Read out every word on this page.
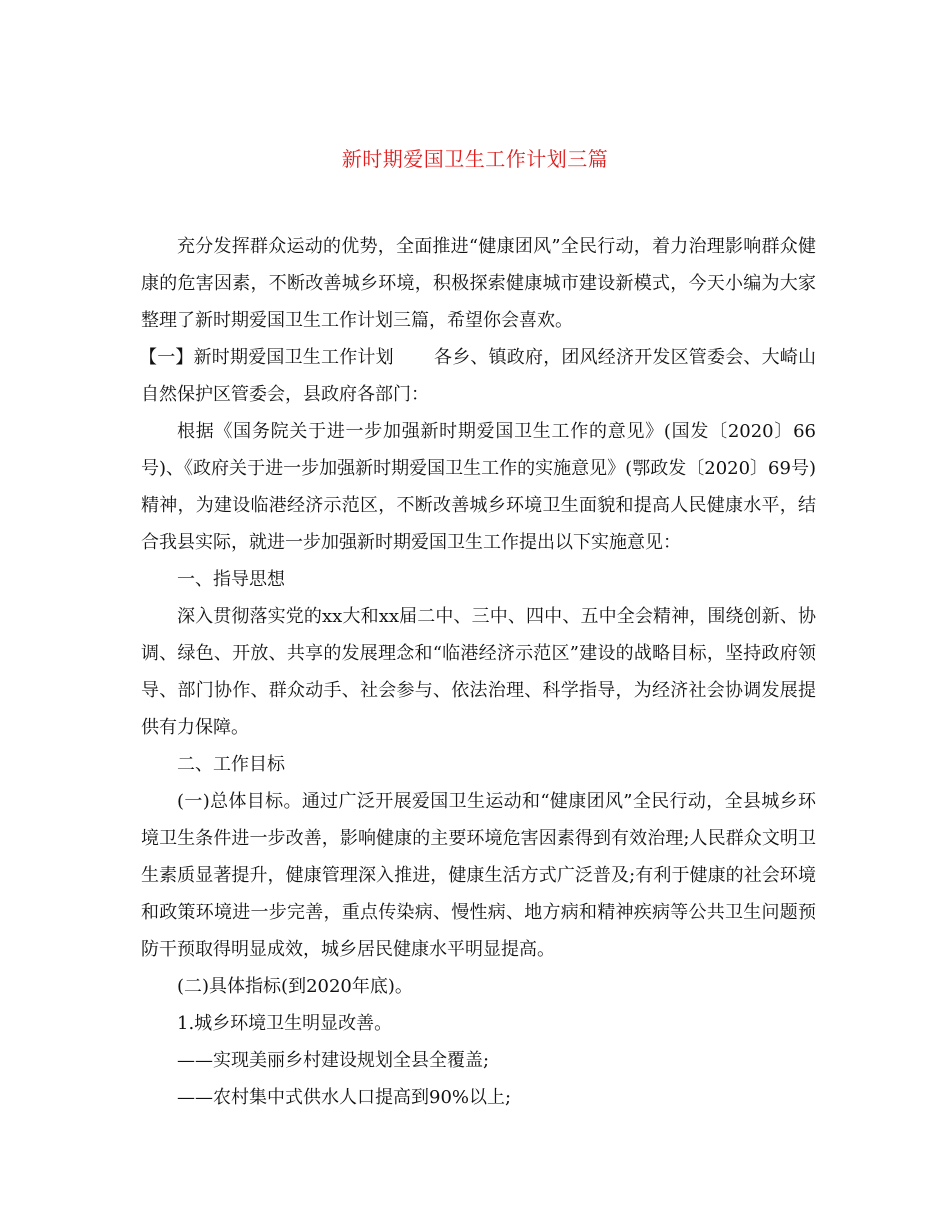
新时期爱国卫生工作计划三篇

充分发挥群众运动的优势，全面推进“健康团风”全民行动，着力治理影响群众健康的危害因素，不断改善城乡环境，积极探索健康城市建设新模式，今天小编为大家整理了新时期爱国卫生工作计划三篇，希望你会喜欢。

【一】新时期爱国卫生工作计划 各乡、镇政府，团风经济开发区管委会、大崎山自然保护区管委会，县政府各部门：

根据《国务院关于进一步加强新时期爱国卫生工作的意见》(国发〔2020〕66号)、《政府关于进一步加强新时期爱国卫生工作的实施意见》(鄂政发〔2020〕69号)精神，为建设临港经济示范区，不断改善城乡环境卫生面貌和提高人民健康水平，结合我县实际，就进一步加强新时期爱国卫生工作提出以下实施意见：

一、指导思想

深入贯彻落实党的xx大和xx届二中、三中、四中、五中全会精神，围绕创新、协调、绿色、开放、共享的发展理念和“临港经济示范区”建设的战略目标，坚持政府领导、部门协作、群众动手、社会参与、依法治理、科学指导，为经济社会协调发展提供有力保障。

二、工作目标

(一)总体目标。通过广泛开展爱国卫生运动和“健康团风”全民行动，全县城乡环境卫生条件进一步改善，影响健康的主要环境危害因素得到有效治理;人民群众文明卫生素质显著提升，健康管理深入推进，健康生活方式广泛普及;有利于健康的社会环境和政策环境进一步完善，重点传染病、慢性病、地方病和精神疾病等公共卫生问题预防干预取得明显成效，城乡居民健康水平明显提高。

(二)具体指标(到2020年底)。

1.城乡环境卫生明显改善。

——实现美丽乡村建设规划全县全覆盖;

——农村集中式供水人口提高到90%以上;
